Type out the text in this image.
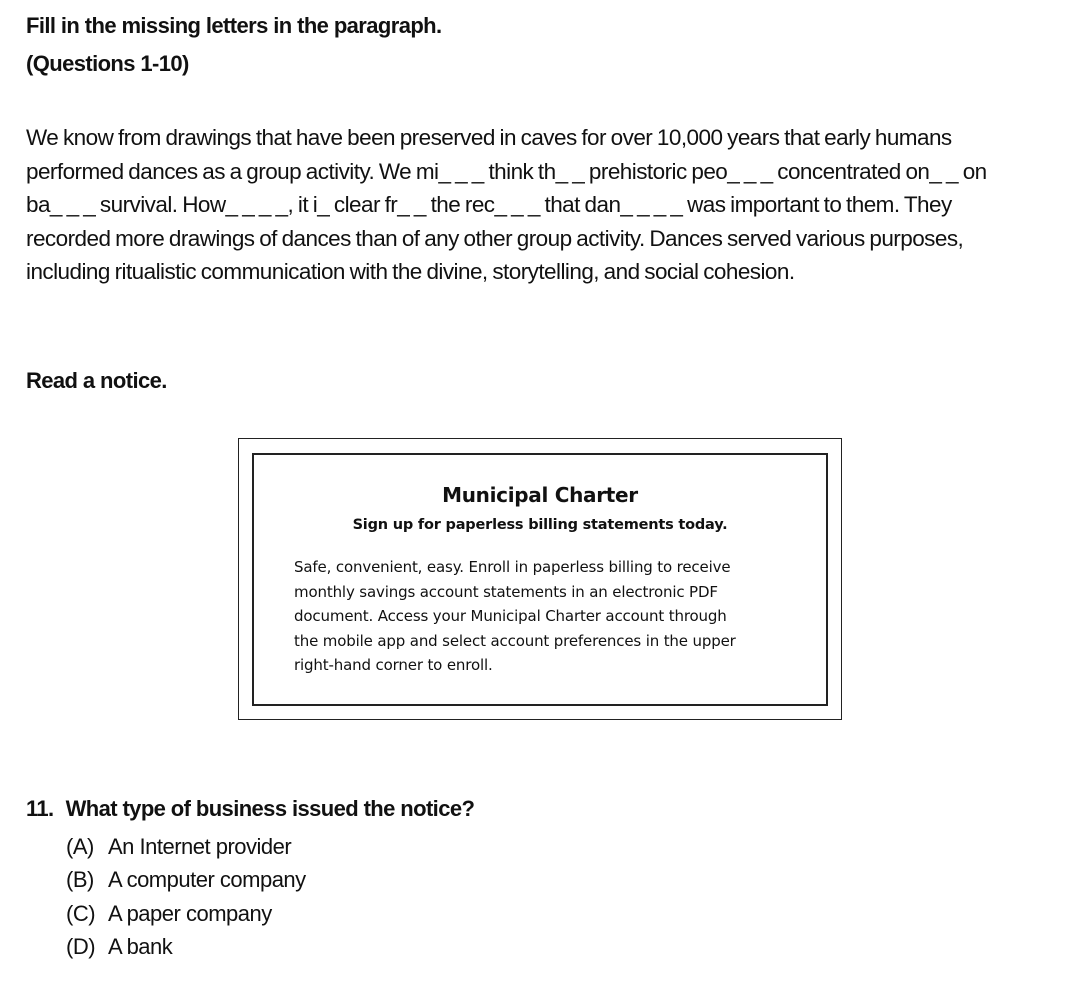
Fill in the missing letters in the paragraph.
(Questions 1-10)

We know from drawings that have been preserved in caves for over 10,000 years that early humans
performed dances as a group activity. We mi_ _ _ think th_ _ prehistoric peo_ _ _ concentrated on_ _ on
ba_ _ _ survival. How_ _ _ _, it i_ clear fr_ _ the rec_ _ _ that dan_ _ _ _ was important to them. They
recorded more drawings of dances than of any other group activity. Dances served various purposes,
including ritualistic communication with the divine, storytelling, and social cohesion.

Read a notice.
Municipal Charter
Sign up for paperless billing statements today.
Safe, convenient, easy. Enroll in paperless billing to receive
monthly savings account statements in an electronic PDF
document. Access your Municipal Charter account through
the mobile app and select account preferences in the upper
right-hand corner to enroll.
11. What type of business issued the notice?
(A) An Internet provider
(B) A computer company
(C) A paper company
(D) A bank
